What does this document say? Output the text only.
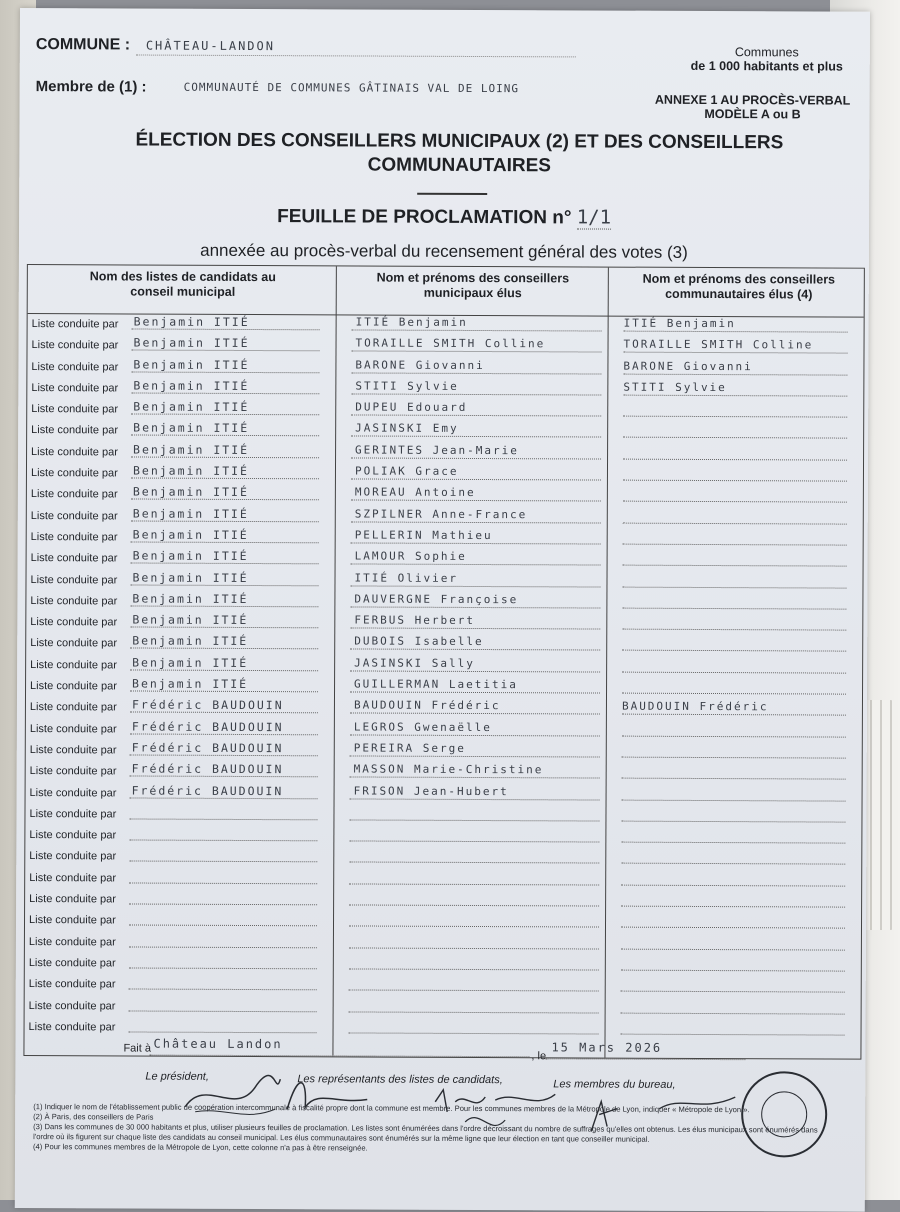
COMMUNE : CHÂTEAU-LANDON
Membre de (1) :	COMMUNAUTÉ DE COMMUNES GÂTINAIS VAL DE LOING
Communes
de 1 000 habitants et plus
ANNEXE 1 AU PROCÈS-VERBAL
MODÈLE A ou B
ÉLECTION DES CONSEILLERS MUNICIPAUX (2) ET DES CONSEILLERS
COMMUNAUTAIRES
FEUILLE DE PROCLAMATION n° 1/1
annexée au procès-verbal du recensement général des votes (3)
Nom des listes de candidats au conseil municipal
Nom et prénoms des conseillers municipaux élus
Nom et prénoms des conseillers communautaires élus (4)
Liste conduite par Benjamin ITIÉ	ITIÉ Benjamin	ITIÉ Benjamin
Liste conduite par Benjamin ITIÉ	TORAILLE SMITH Colline	TORAILLE SMITH Colline
Liste conduite par Benjamin ITIÉ	BARONE Giovanni	BARONE Giovanni
Liste conduite par Benjamin ITIÉ	STITI Sylvie	STITI Sylvie
Liste conduite par Benjamin ITIÉ	DUPEU Edouard
Liste conduite par Benjamin ITIÉ	JASINSKI Emy
Liste conduite par Benjamin ITIÉ	GERINTES Jean-Marie
Liste conduite par Benjamin ITIÉ	POLIAK Grace
Liste conduite par Benjamin ITIÉ	MOREAU Antoine
Liste conduite par Benjamin ITIÉ	SZPILNER Anne-France
Liste conduite par Benjamin ITIÉ	PELLERIN Mathieu
Liste conduite par Benjamin ITIÉ	LAMOUR Sophie
Liste conduite par Benjamin ITIÉ	ITIÉ Olivier
Liste conduite par Benjamin ITIÉ	DAUVERGNE Françoise
Liste conduite par Benjamin ITIÉ	FERBUS Herbert
Liste conduite par Benjamin ITIÉ	DUBOIS Isabelle
Liste conduite par Benjamin ITIÉ	JASINSKI Sally
Liste conduite par Benjamin ITIÉ	GUILLERMAN Laetitia
Liste conduite par Frédéric BAUDOUIN	BAUDOUIN Frédéric	BAUDOUIN Frédéric
Liste conduite par Frédéric BAUDOUIN	LEGROS Gwenaëlle
Liste conduite par Frédéric BAUDOUIN	PEREIRA Serge
Liste conduite par Frédéric BAUDOUIN	MASSON Marie-Christine
Liste conduite par Frédéric BAUDOUIN	FRISON Jean-Hubert
Liste conduite par
Liste conduite par
Liste conduite par
Liste conduite par
Liste conduite par
Liste conduite par
Liste conduite par
Liste conduite par
Liste conduite par
Liste conduite par
Liste conduite par
Fait à Château Landon
, le
15 Mars 2026
Le président,	Les représentants des listes de candidats,	Les membres du bureau,
(1) Indiquer le nom de l'établissement public de coopération intercommunale à fiscalité propre dont la commune est membre. Pour les communes membres de la Métropole de Lyon, indiquer « Métropole de Lyon ».
(2) À Paris, des conseillers de Paris
(3) Dans les communes de 30 000 habitants et plus, utiliser plusieurs feuilles de proclamation. Les listes sont énumérées dans l'ordre décroissant du nombre de suffrages qu'elles ont obtenus. Les élus municipaux sont énumérés dans l'ordre où ils figurent sur chaque liste des candidats au conseil municipal. Les élus communautaires sont énumérés sur la même ligne que leur élection en tant que conseiller municipal.
(4) Pour les communes membres de la Métropole de Lyon, cette colonne n'a pas à être renseignée.
